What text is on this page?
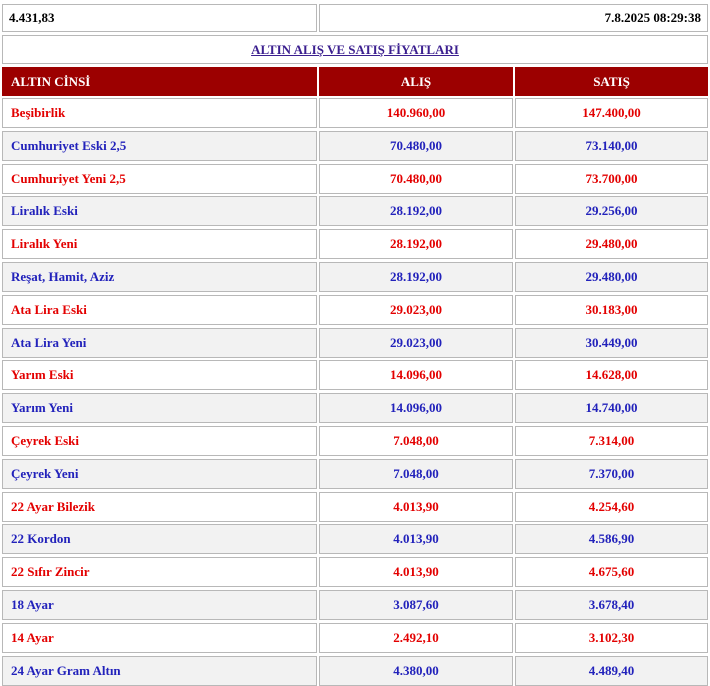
4.431,83	7.8.2025 08:29:38
ALTIN ALIŞ VE SATIŞ FİYATLARI
ALTIN CİNSİ	ALIŞ	SATIŞ
Beşibirlik	140.960,00	147.400,00
Cumhuriyet Eski 2,5	70.480,00	73.140,00
Cumhuriyet Yeni 2,5	70.480,00	73.700,00
Liralık Eski	28.192,00	29.256,00
Liralık Yeni	28.192,00	29.480,00
Reşat, Hamit, Aziz	28.192,00	29.480,00
Ata Lira Eski	29.023,00	30.183,00
Ata Lira Yeni	29.023,00	30.449,00
Yarım Eski	14.096,00	14.628,00
Yarım Yeni	14.096,00	14.740,00
Çeyrek Eski	7.048,00	7.314,00
Çeyrek Yeni	7.048,00	7.370,00
22 Ayar Bilezik	4.013,90	4.254,60
22 Kordon	4.013,90	4.586,90
22 Sıfır Zincir	4.013,90	4.675,60
18 Ayar	3.087,60	3.678,40
14 Ayar	2.492,10	3.102,30
24 Ayar Gram Altın	4.380,00	4.489,40
